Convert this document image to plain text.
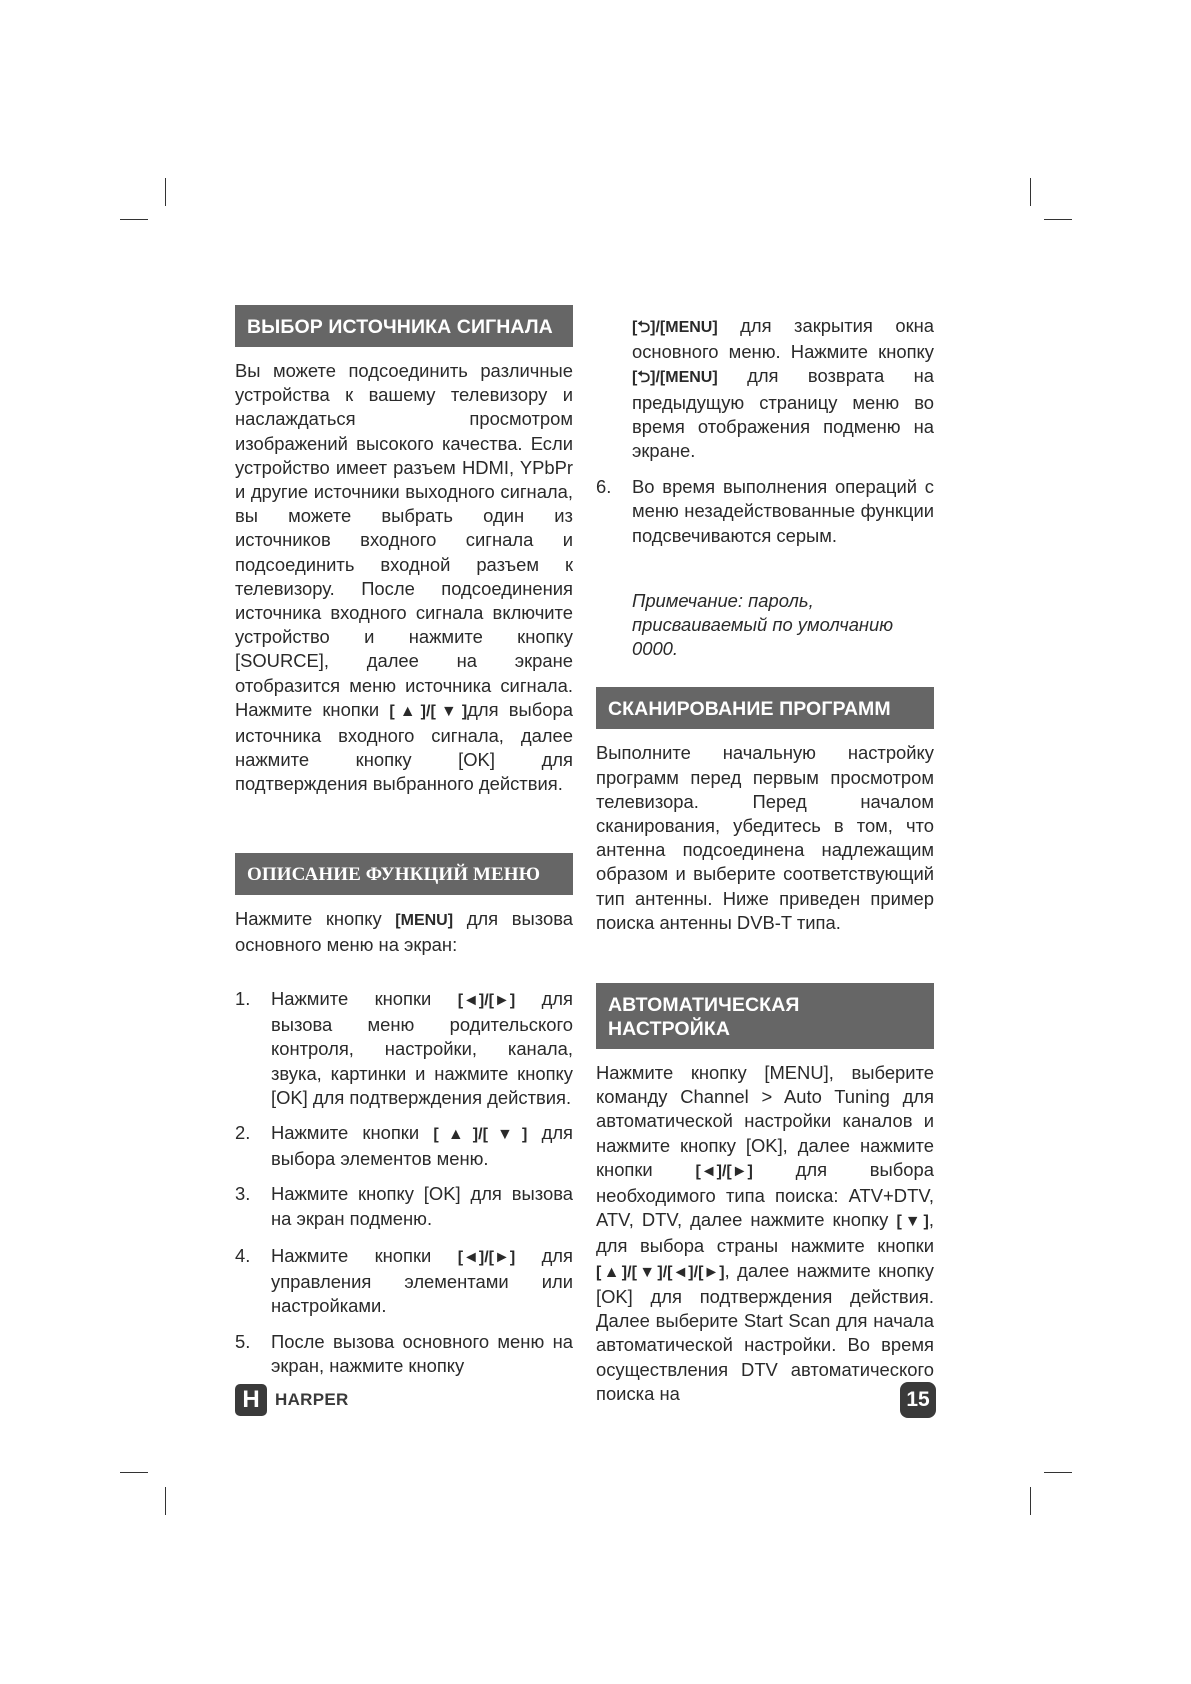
ВЫБОР ИСТОЧНИКА СИГНАЛА

Вы можете подсоединить различные устройства к вашему телевизору и наслаждаться просмотром изображений высокого качества. Если устройство имеет разъем HDMI, YPbPr и другие источники выходного сигнала, вы можете выбрать один из источников входного сигнала и подсоединить входной разъем к телевизору. После подсоединения источника входного сигнала включите устройство и нажмите кнопку [SOURCE], далее на экране отобразится меню источника сигнала. Нажмите кнопки [▲]/[▼]для выбора источника входного сигнала, далее нажмите кнопку [OK] для подтверждения выбранного действия.

ОПИСАНИЕ ФУНКЦИЙ МЕНЮ

Нажмите кнопку [MENU] для вызова основного меню на экран:

1. Нажмите кнопки [◄]/[►] для вызова меню родительского контроля, настройки, канала, звука, картинки и нажмите кнопку [OK] для подтверждения действия.
2. Нажмите кнопки [▲]/[▼] для выбора элементов меню.
3. Нажмите кнопку [OK] для вызова на экран подменю.
4. Нажмите кнопки [◄]/[►] для управления элементами или настройками.
5. После вызова основного меню на экран, нажмите кнопку

[⮌]/[MENU] для закрытия окна основного меню. Нажмите кнопку [⮌]/[MENU] для возврата на предыдущую страницу меню во время отображения подменю на экране.

6. Во время выполнения операций с меню незадействованные функции подсвечиваются серым.

Примечание: пароль, присваиваемый по умолчанию 0000.

СКАНИРОВАНИЕ ПРОГРАММ

Выполните начальную настройку программ перед первым просмотром телевизора. Перед началом сканирования, убедитесь в том, что антенна подсоединена надлежащим образом и выберите соответствующий тип антенны. Ниже приведен пример поиска антенны DVB-T типа.

АВТОМАТИЧЕСКАЯ НАСТРОЙКА

Нажмите кнопку [MENU], выберите команду Channel > Auto Tuning для автоматической настройки каналов и нажмите кнопку [OK], далее нажмите кнопки [◄]/[►] для выбора необходимого типа поиска: ATV+DTV, ATV, DTV, далее нажмите кнопку [▼], для выбора страны нажмите кнопки [▲]/[▼]/[◄]/[►], далее нажмите кнопку [OK] для подтверждения действия. Далее выберите Start Scan для начала автоматической настройки. Во время осуществления DTV автоматического поиска на

H HARPER	15
